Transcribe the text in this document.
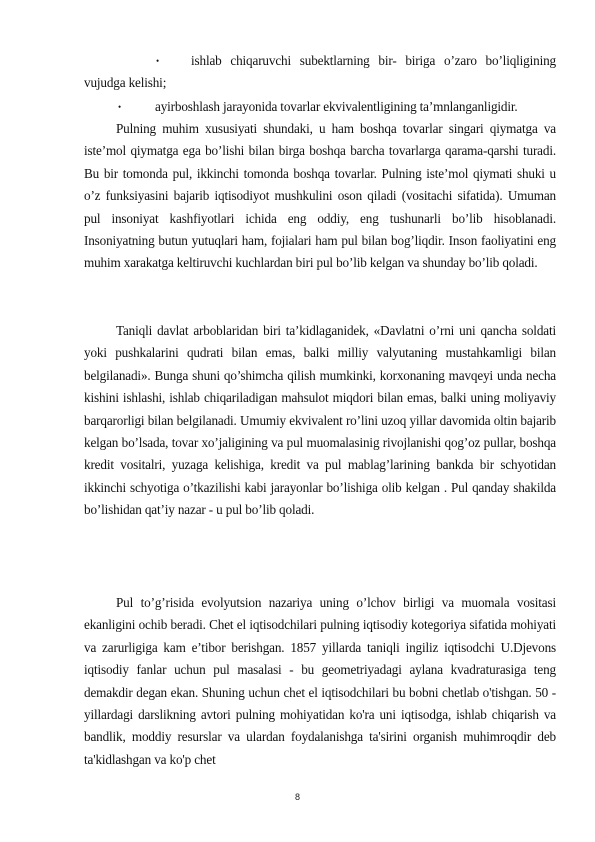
•	ishlab chiqaruvchi subektlarning bir- biriga o’zaro bo’liqligining vujudga kelishi;
•	ayirboshlash jarayonida tovarlar ekvivalentligining ta’mnlanganligidir.

Pulning muhim xususiyati shundaki, u ham boshqa tovarlar singari qiymatga va iste’mol qiymatga ega bo’lishi bilan birga boshqa barcha tovarlarga qarama-qarshi turadi. Bu bir tomonda pul, ikkinchi tomonda boshqa tovarlar. Pulning iste’mol qiymati shuki u o’z funksiyasini bajarib iqtisodiyot mushkulini oson qiladi (vositachi sifatida). Umuman pul insoniyat kashfiyotlari ichida eng oddiy, eng tushunarli bo’lib hisoblanadi. Insoniyatning butun yutuqlari ham, fojialari ham pul bilan bog’liqdir. Inson faoliyatini eng muhim xarakatga keltiruvchi kuchlardan biri pul bo’lib kelgan va shunday bo’lib qoladi.

Taniqli davlat arboblaridan biri ta’kidlaganidek, «Davlatni o’rni uni qancha soldati yoki pushkalarini qudrati bilan emas, balki milliy valyutaning mustahkamligi bilan belgilanadi». Bunga shuni qo’shimcha qilish mumkinki, korxonaning mavqeyi unda necha kishini ishlashi, ishlab chiqariladigan mahsulot miqdori bilan emas, balki uning moliyaviy barqarorligi bilan belgilanadi. Umumiy ekvivalent ro’lini uzoq yillar davomida oltin bajarib kelgan bo’lsada, tovar xo’jaligining va pul muomalasinig rivojlanishi qog’oz pullar, boshqa kredit vositalri, yuzaga kelishiga, kredit va pul mablag’larining bankda bir schyotidan ikkinchi schyotiga o’tkazilishi kabi jarayonlar bo’lishiga olib kelgan . Pul qanday shakilda bo’lishidan qat’iy nazar - u pul bo’lib qoladi.

Pul to’g’risida evolyutsion nazariya uning o’lchov birligi va muomala vositasi ekanligini ochib beradi. Chet el iqtisodchilari pulning iqtisodiy kotegoriya sifatida mohiyati va zarurligiga kam e’tibor berishgan. 1857 yillarda taniqli ingiliz iqtisodchi U.Djevons iqtisodiy fanlar uchun pul masalasi - bu geometriyadagi aylana kvadraturasiga teng demakdir degan ekan. Shuning uchun chet el iqtisodchilari bu bobni chetlab o'tishgan. 50 -yillardagi darslikning avtori pulning mohiyatidan ko'ra uni iqtisodga, ishlab chiqarish va bandlik, moddiy resurslar va ulardan foydalanishga ta'sirini organish muhimroqdir deb ta'kidlashgan va ko'p chet

8
